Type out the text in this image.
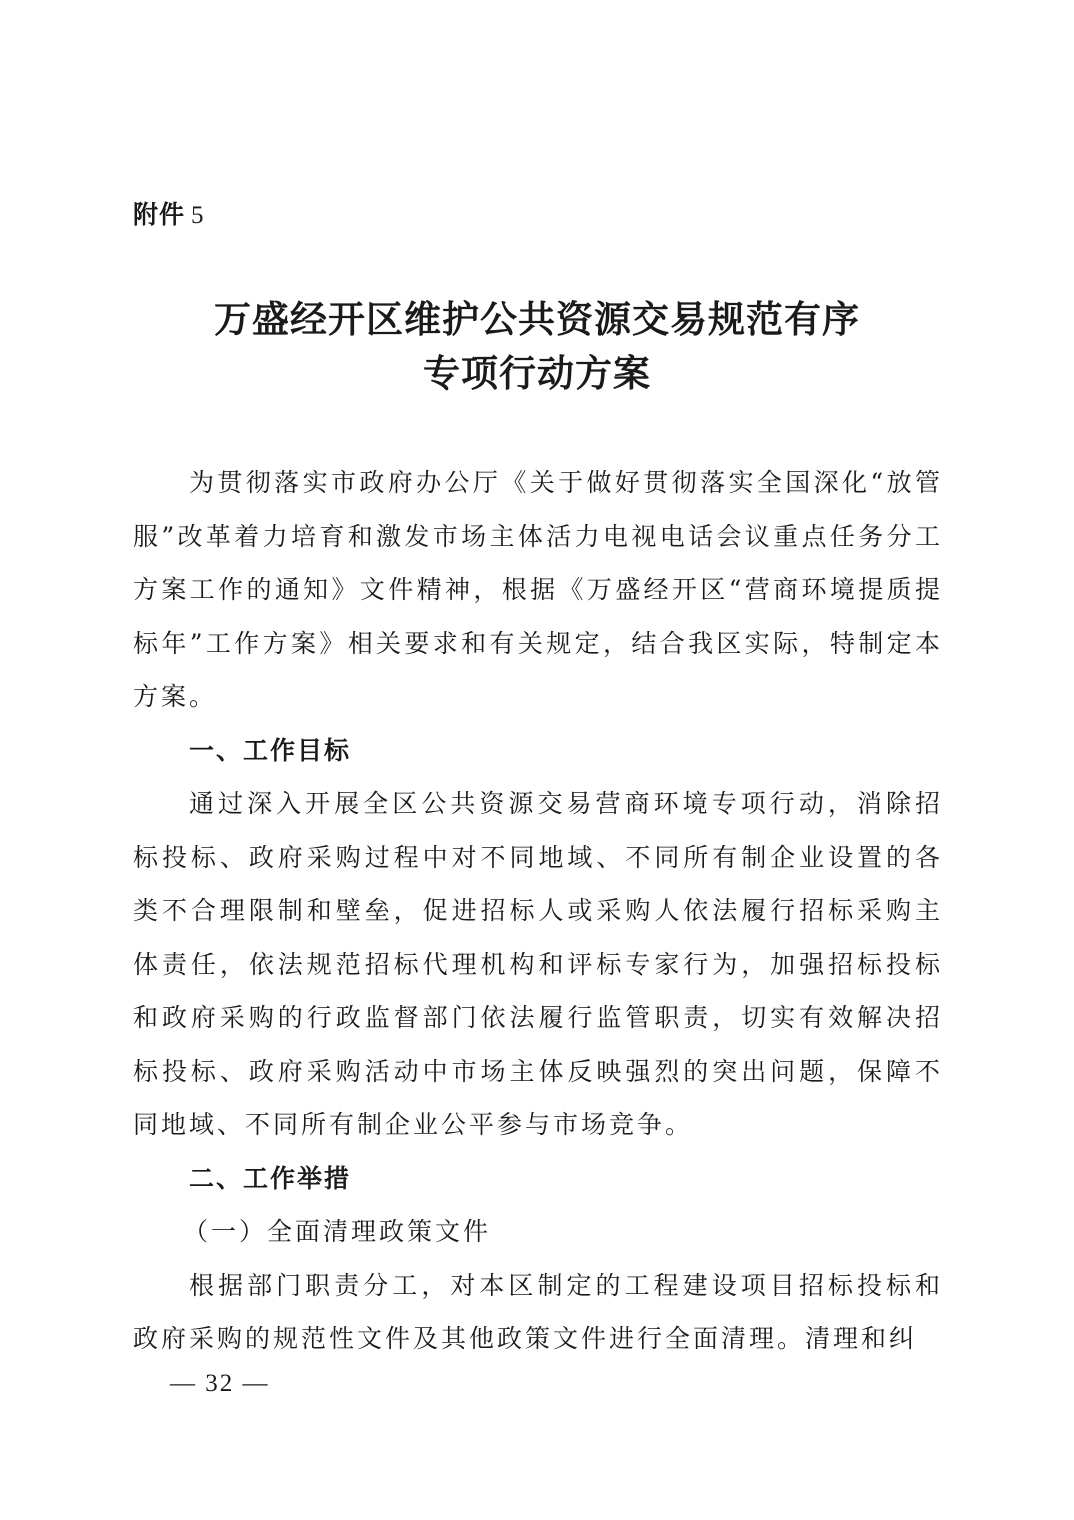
附件 5
万盛经开区维护公共资源交易规范有序
专项行动方案

为贯彻落实市政府办公厅《关于做好贯彻落实全国深化“放管服”改革着力培育和激发市场主体活力电视电话会议重点任务分工方案工作的通知》文件精神，根据《万盛经开区“营商环境提质提标年”工作方案》相关要求和有关规定，结合我区实际，特制定本方案。

一、工作目标

通过深入开展全区公共资源交易营商环境专项行动，消除招标投标、政府采购过程中对不同地域、不同所有制企业设置的各类不合理限制和壁垒，促进招标人或采购人依法履行招标采购主体责任，依法规范招标代理机构和评标专家行为，加强招标投标和政府采购的行政监督部门依法履行监管职责，切实有效解决招标投标、政府采购活动中市场主体反映强烈的突出问题，保障不同地域、不同所有制企业公平参与市场竞争。

二、工作举措
（一）全面清理政策文件

根据部门职责分工，对本区制定的工程建设项目招标投标和政府采购的规范性文件及其他政策文件进行全面清理。清理和纠

— 32 —
